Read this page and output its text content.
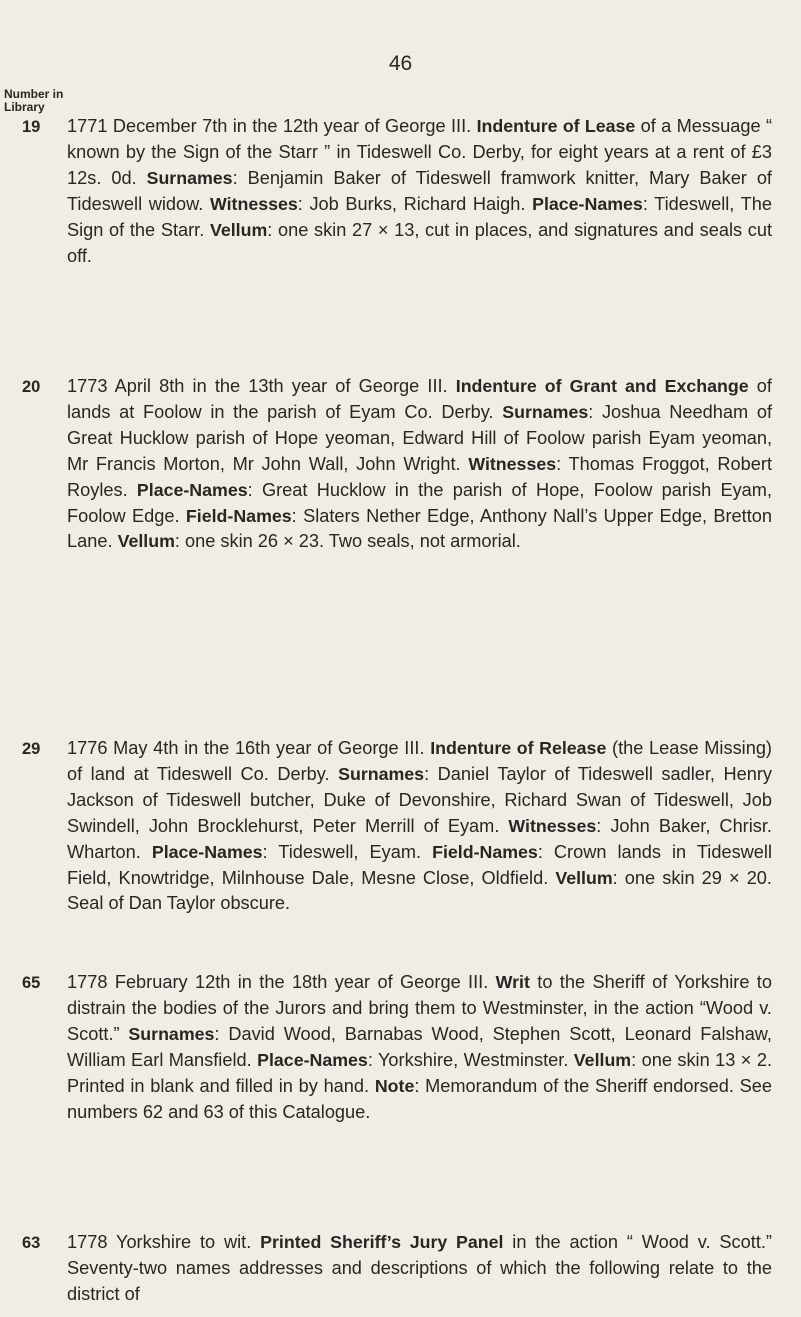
46
Number in
Library
19 1771 December 7th in the 12th year of George III. Indenture of Lease of a Messuage “ known by the Sign of the Starr ” in Tideswell Co. Derby, for eight years at a rent of £3 12s. 0d. Surnames: Benjamin Baker of Tideswell framwork knitter, Mary Baker of Tideswell widow. Witnesses: Job Burks, Richard Haigh. Place-Names: Tideswell, The Sign of the Starr. Vellum: one skin 27 × 13, cut in places, and signatures and seals cut off.
20 1773 April 8th in the 13th year of George III. Indenture of Grant and Exchange of lands at Foolow in the parish of Eyam Co. Derby. Surnames: Joshua Needham of Great Hucklow parish of Hope yeoman, Edward Hill of Foolow parish Eyam yeoman, Mr Francis Morton, Mr John Wall, John Wright. Witnesses: Thomas Froggot, Robert Royles. Place-Names: Great Hucklow in the parish of Hope, Foolow parish Eyam, Foolow Edge. Field-Names: Slaters Nether Edge, Anthony Nall’s Upper Edge, Bretton Lane. Vellum: one skin 26 × 23. Two seals, not armorial.
29 1776 May 4th in the 16th year of George III. Indenture of Release (the Lease Missing) of land at Tideswell Co. Derby. Surnames: Daniel Taylor of Tideswell sadler, Henry Jackson of Tideswell butcher, Duke of Devonshire, Richard Swan of Tideswell, Job Swindell, John Brocklehurst, Peter Merrill of Eyam. Witnesses: John Baker, Chrisr. Wharton. Place-Names: Tideswell, Eyam. Field-Names: Crown lands in Tideswell Field, Knowtridge, Milnhouse Dale, Mesne Close, Oldfield. Vellum: one skin 29 × 20. Seal of Dan Taylor obscure.
65 1778 February 12th in the 18th year of George III. Writ to the Sheriff of Yorkshire to distrain the bodies of the Jurors and bring them to Westminster, in the action “Wood v. Scott.” Surnames: David Wood, Barnabas Wood, Stephen Scott, Leonard Falshaw, William Earl Mansfield. Place-Names: Yorkshire, Westminster. Vellum: one skin 13 × 2. Printed in blank and filled in by hand. Note: Memorandum of the Sheriff endorsed. See numbers 62 and 63 of this Catalogue.
63 1778 Yorkshire to wit. Printed Sheriff’s Jury Panel in the action “ Wood v. Scott.” Seventy-two names addresses and descriptions of which the following relate to the district of
